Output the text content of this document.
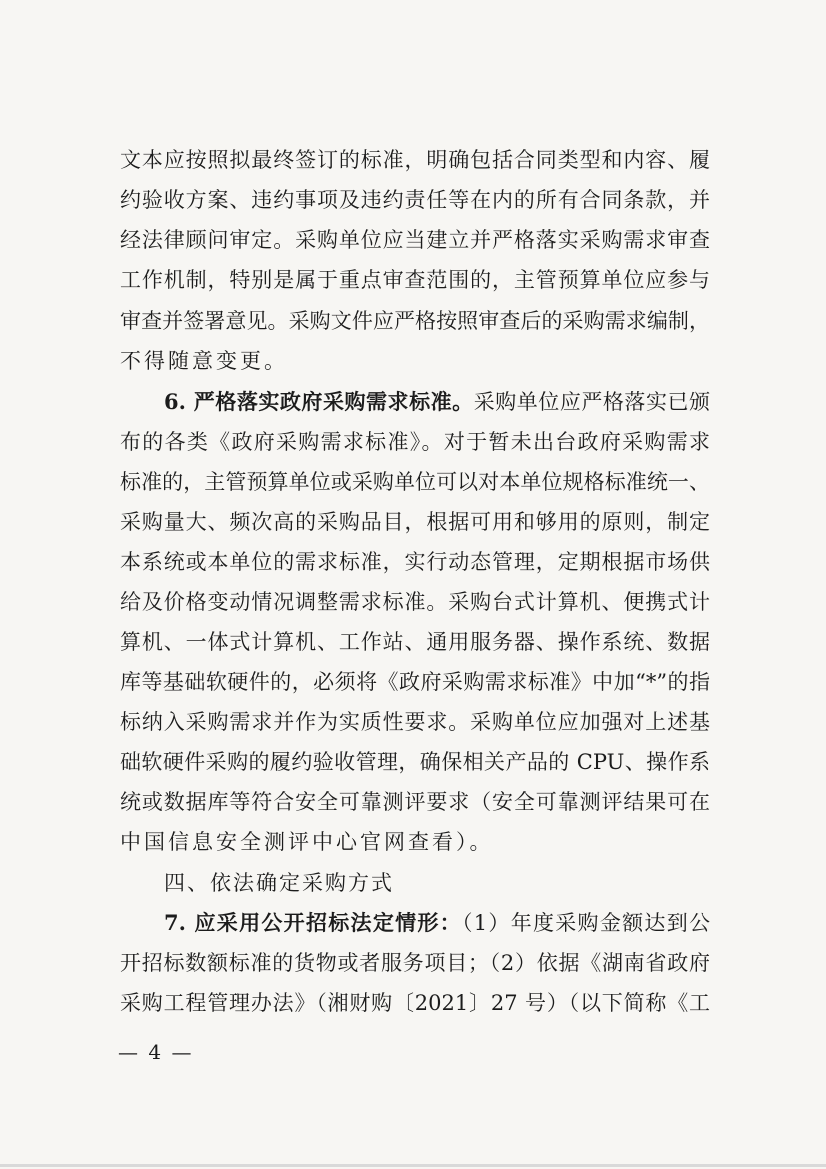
文本应按照拟最终签订的标准，明确包括合同类型和内容、履
约验收方案、违约事项及违约责任等在内的所有合同条款，并
经法律顾问审定。采购单位应当建立并严格落实采购需求审查
工作机制，特别是属于重点审查范围的，主管预算单位应参与
审查并签署意见。采购文件应严格按照审查后的采购需求编制，
不得随意变更。
6. 严格落实政府采购需求标准。采购单位应严格落实已颁
布的各类《政府采购需求标准》。对于暂未出台政府采购需求
标准的，主管预算单位或采购单位可以对本单位规格标准统一、
采购量大、频次高的采购品目，根据可用和够用的原则，制定
本系统或本单位的需求标准，实行动态管理，定期根据市场供
给及价格变动情况调整需求标准。采购台式计算机、便携式计
算机、一体式计算机、工作站、通用服务器、操作系统、数据
库等基础软硬件的，必须将《政府采购需求标准》中加“*”的指
标纳入采购需求并作为实质性要求。采购单位应加强对上述基
础软硬件采购的履约验收管理，确保相关产品的 CPU、操作系
统或数据库等符合安全可靠测评要求（安全可靠测评结果可在
中国信息安全测评中心官网查看）。
四、依法确定采购方式
7. 应采用公开招标法定情形：（1）年度采购金额达到公
开招标数额标准的货物或者服务项目；（2）依据《湖南省政府
采购工程管理办法》（湘财购〔2021〕27 号）（以下简称《工
— 4 —
